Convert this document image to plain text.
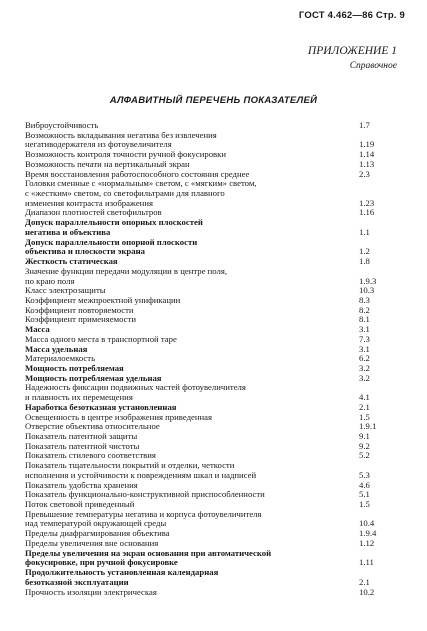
ГОСТ 4.462—86 Стр. 9
ПРИЛОЖЕНИЕ 1
Справочное
АЛФАВИТНЫЙ ПЕРЕЧЕНЬ ПОКАЗАТЕЛЕЙ
Виброустойчивость	1.7
Возможность вкладывания негатива без извлечения
негативодержателя из фотоувеличителя	1.19
Возможность контроля точности ручной фокусировки	1.14
Возможность печати на вертикальный экран	1.13
Время восстановления работоспособного состояния среднее	2.3
Головки сменные с «нормальным» светом, с «мягким» светом,
с «жестким» светом, со светофильтрами для плавного
изменения контраста изображения	1.23
Диапазон плотностей светофильтров	1.16
Допуск параллельности опорных плоскостей
негатива и объектива	1.1
Допуск параллельности опорной плоскости
объектива и плоскости экрана	1.2
Жесткость статическая	1.8
Значение функции передачи модуляции в центре поля,
по краю поля	1.9.3
Класс электрозащиты	10.3
Коэффициент межпроектной унификации	8.3
Коэффициент повторяемости	8.2
Коэффициент применяемости	8.1
Масса	3.1
Масса одного места в транспортной таре	7.3
Масса удельная	3.1
Материалоемкость	6.2
Мощность потребляемая	3.2
Мощность потребляемая удельная	3.2
Надежность фиксации подвижных частей фотоувеличителя
и плавность их перемещения	4.1
Наработка безотказная установленная	2.1
Освещенность в центре изображения приведенная	1.5
Отверстие объектива относительное	1.9.1
Показатель патентной защиты	9.1
Показатель патентной чистоты	9.2
Показатель стилевого соответствия	5.2
Показатель тщательности покрытий и отделки, четкости
исполнения и устойчивости к повреждениям шкал и надписей	5.3
Показатель удобства хранения	4.6
Показатель функционально-конструктивной приспособленности	5.1
Поток световой приведенный	1.5
Превышение температуры негатива и корпуса фотоувеличителя
над температурой окружающей среды	10.4
Пределы диафрагмирования объектива	1.9.4
Пределы увеличения вне основания	1.12
Пределы увеличения на экран основания при автоматической
фокусировке, при ручной фокусировке	1.11
Продолжительность установленная календарная
безотказной эксплуатации	2.1
Прочность изоляции электрическая	10.2
